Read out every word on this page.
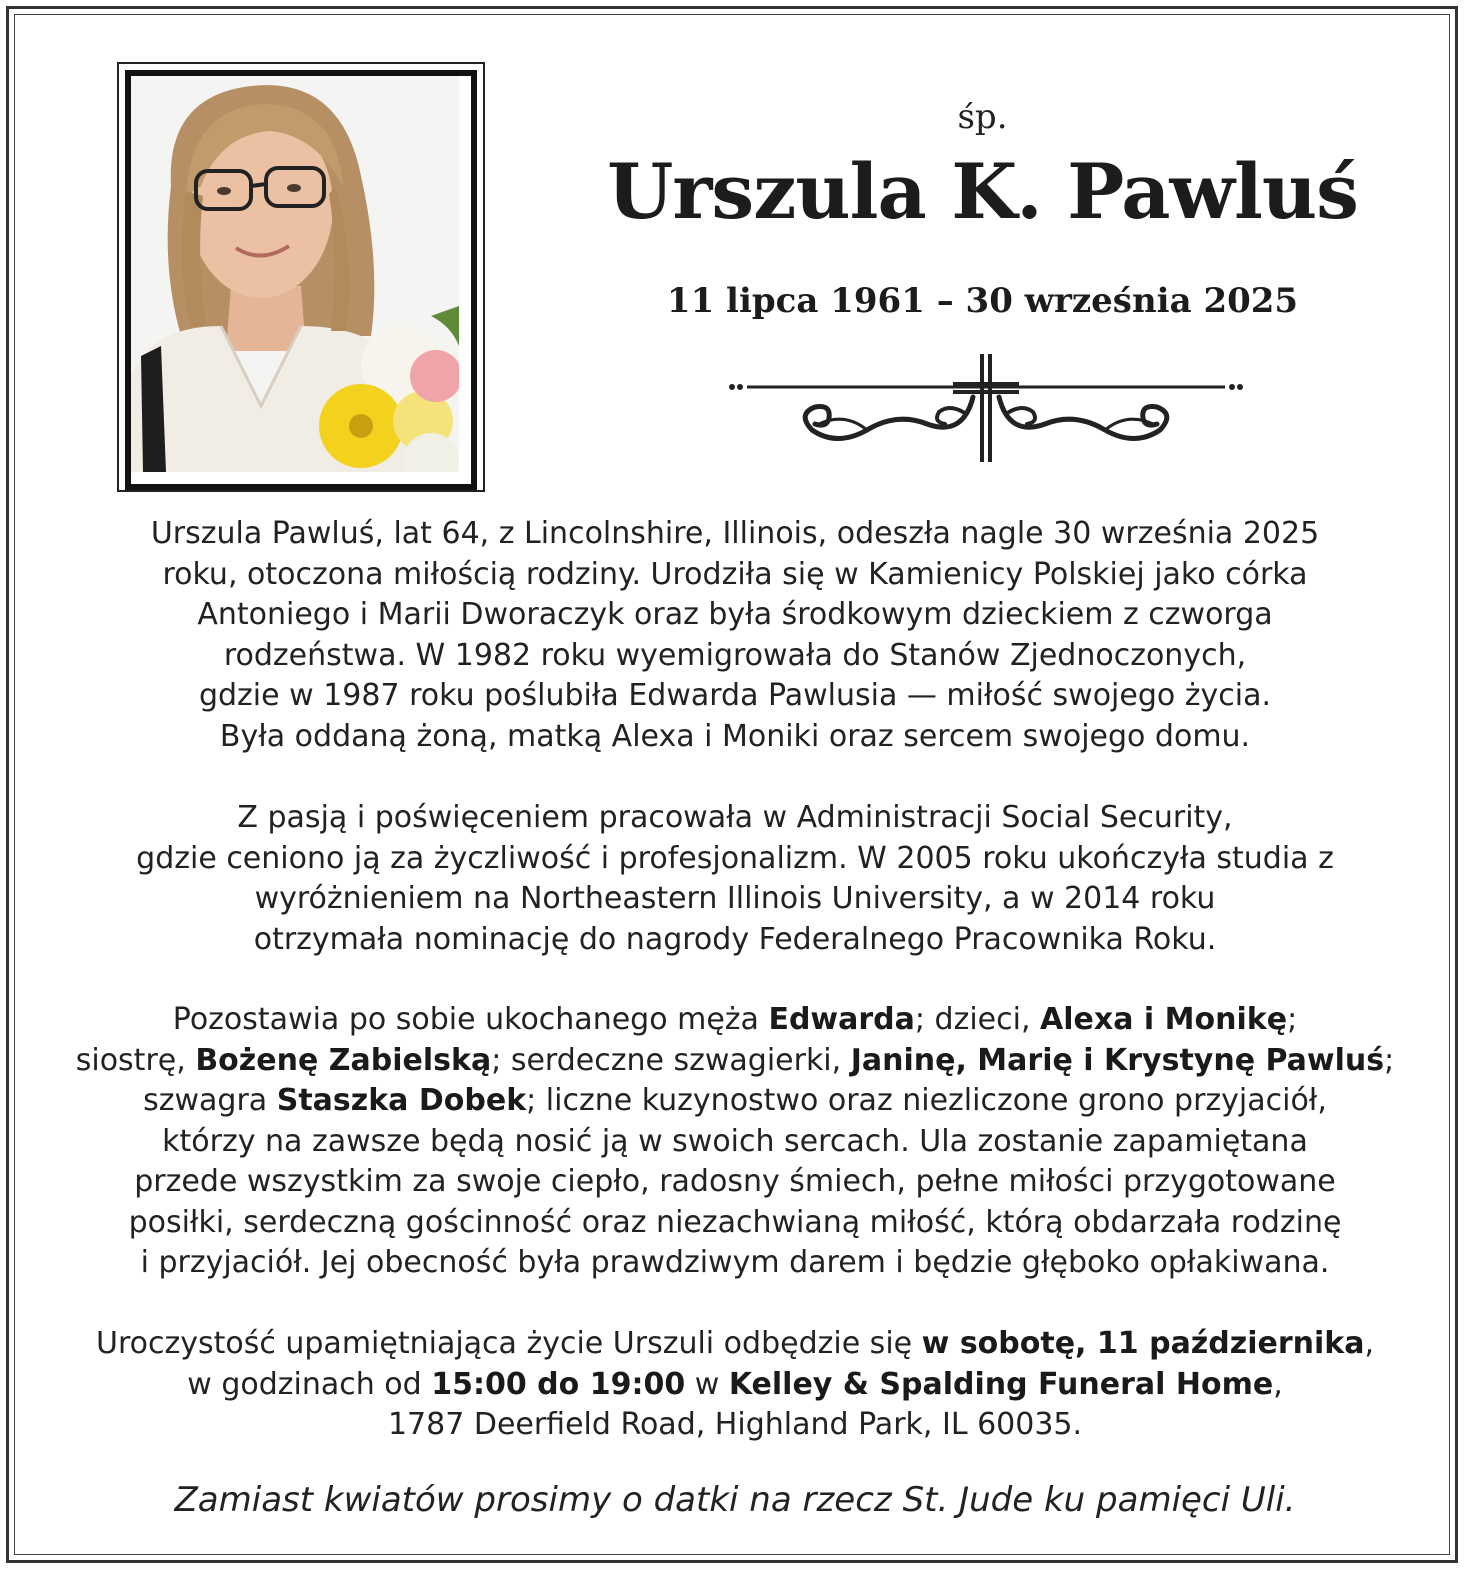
śp.

Urszula K. Pawluś

11 lipca 1961 – 30 września 2025

Urszula Pawluś, lat 64, z Lincolnshire, Illinois, odeszła nagle 30 września 2025
roku, otoczona miłością rodziny. Urodziła się w Kamienicy Polskiej jako córka
Antoniego i Marii Dworaczyk oraz była środkowym dzieckiem z czworga
rodzeństwa. W 1982 roku wyemigrowała do Stanów Zjednoczonych,
gdzie w 1987 roku poślubiła Edwarda Pawlusia — miłość swojego życia.
Była oddaną żoną, matką Alexa i Moniki oraz sercem swojego domu.

Z pasją i poświęceniem pracowała w Administracji Social Security,
gdzie ceniono ją za życzliwość i profesjonalizm. W 2005 roku ukończyła studia z
wyróżnieniem na Northeastern Illinois University, a w 2014 roku
otrzymała nominację do nagrody Federalnego Pracownika Roku.

Pozostawia po sobie ukochanego męża Edwarda; dzieci, Alexa i Monikę;
siostrę, Bożenę Zabielską; serdeczne szwagierki, Janinę, Marię i Krystynę Pawluś;
szwagra Staszka Dobek; liczne kuzynostwo oraz niezliczone grono przyjaciół,
którzy na zawsze będą nosić ją w swoich sercach. Ula zostanie zapamiętana
przede wszystkim za swoje ciepło, radosny śmiech, pełne miłości przygotowane
posiłki, serdeczną gościnność oraz niezachwianą miłość, którą obdarzała rodzinę
i przyjaciół. Jej obecność była prawdziwym darem i będzie głęboko opłakiwana.

Uroczystość upamiętniająca życie Urszuli odbędzie się w sobotę, 11 października,
w godzinach od 15:00 do 19:00 w Kelley & Spalding Funeral Home,
1787 Deerfield Road, Highland Park, IL 60035.

Zamiast kwiatów prosimy o datki na rzecz St. Jude ku pamięci Uli.
